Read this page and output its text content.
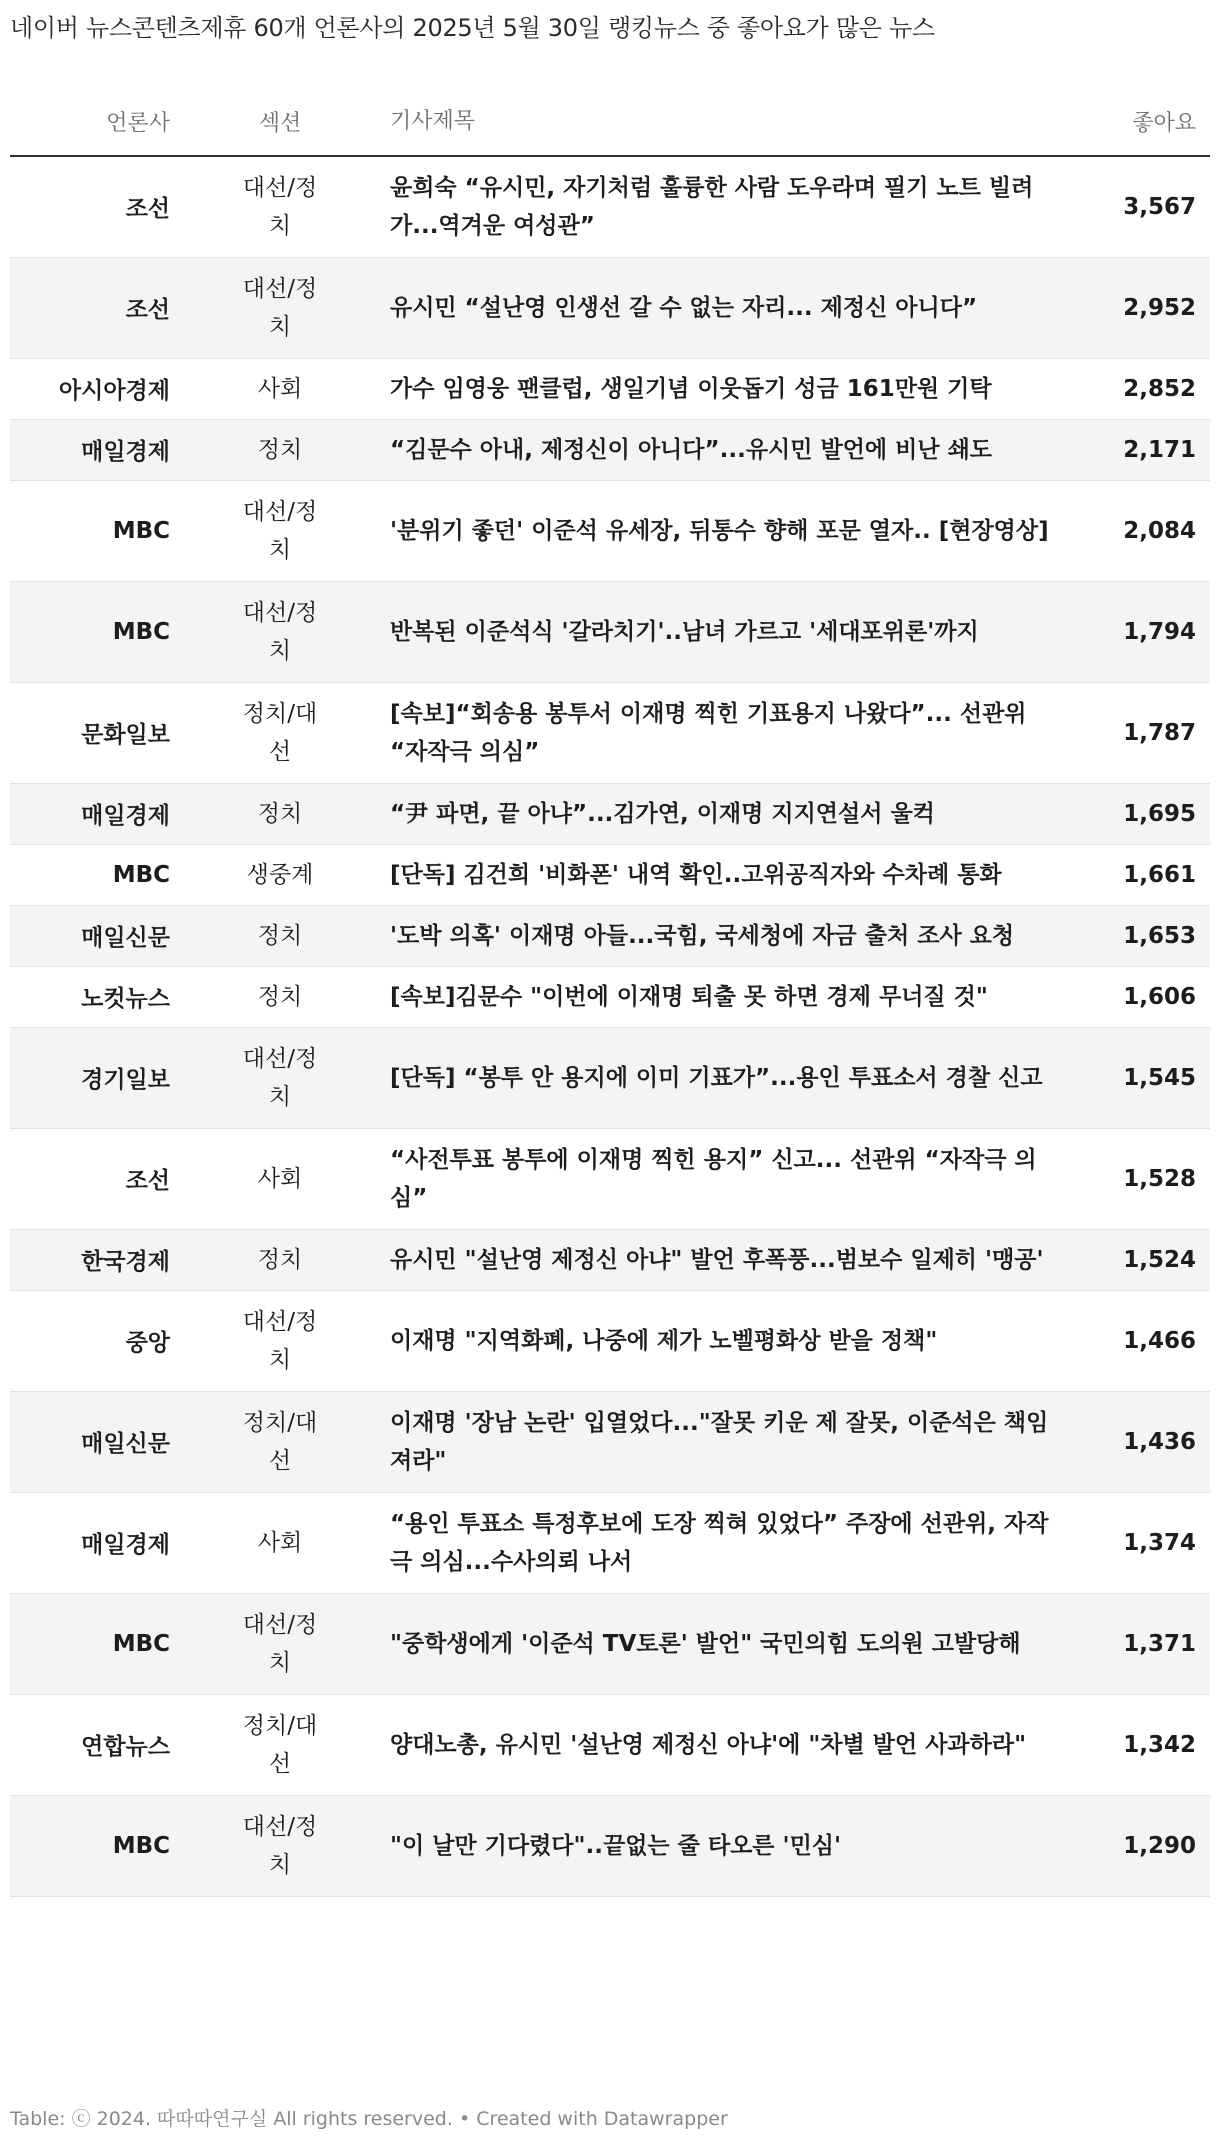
네이버 뉴스콘텐츠제휴 60개 언론사의 2025년 5월 30일 랭킹뉴스 중 좋아요가 많은 뉴스
언론사	섹션	기사제목	좋아요
조선	대선/정치	윤희숙 “유시민, 자기처럼 훌륭한 사람 도우라며 필기 노트 빌려가...역겨운 여성관”	3,567
조선	대선/정치	유시민 “설난영 인생선 갈 수 없는 자리... 제정신 아니다”	2,952
아시아경제	사회	가수 임영웅 팬클럽, 생일기념 이웃돕기 성금 161만원 기탁	2,852
매일경제	정치	“김문수 아내, 제정신이 아니다”...유시민 발언에 비난 쇄도	2,171
MBC	대선/정치	'분위기 좋던' 이준석 유세장, 뒤통수 향해 포문 열자.. [현장영상]	2,084
MBC	대선/정치	반복된 이준석식 '갈라치기'..남녀 가르고 '세대포위론'까지	1,794
문화일보	정치/대선	[속보]“회송용 봉투서 이재명 찍힌 기표용지 나왔다”... 선관위 “자작극 의심”	1,787
매일경제	정치	“尹 파면, 끝 아냐”...김가연, 이재명 지지연설서 울컥	1,695
MBC	생중계	[단독] 김건희 '비화폰' 내역 확인..고위공직자와 수차례 통화	1,661
매일신문	정치	'도박 의혹' 이재명 아들...국힘, 국세청에 자금 출처 조사 요청	1,653
노컷뉴스	정치	[속보]김문수 "이번에 이재명 퇴출 못 하면 경제 무너질 것"	1,606
경기일보	대선/정치	[단독] “봉투 안 용지에 이미 기표가”...용인 투표소서 경찰 신고	1,545
조선	사회	“사전투표 봉투에 이재명 찍힌 용지” 신고... 선관위 “자작극 의심”	1,528
한국경제	정치	유시민 "설난영 제정신 아냐" 발언 후폭풍...범보수 일제히 '맹공'	1,524
중앙	대선/정치	이재명 "지역화폐, 나중에 제가 노벨평화상 받을 정책"	1,466
매일신문	정치/대선	이재명 '장남 논란' 입열었다..."잘못 키운 제 잘못, 이준석은 책임져라"	1,436
매일경제	사회	“용인 투표소 특정후보에 도장 찍혀 있었다” 주장에 선관위, 자작극 의심...수사의뢰 나서	1,374
MBC	대선/정치	"중학생에게 '이준석 TV토론' 발언" 국민의힘 도의원 고발당해	1,371
연합뉴스	정치/대선	양대노총, 유시민 '설난영 제정신 아냐'에 "차별 발언 사과하라"	1,342
MBC	대선/정치	"이 날만 기다렸다"..끝없는 줄 타오른 '민심'	1,290
Table: ⓒ 2024. 따따따연구실 All rights reserved. • Created with Datawrapper
